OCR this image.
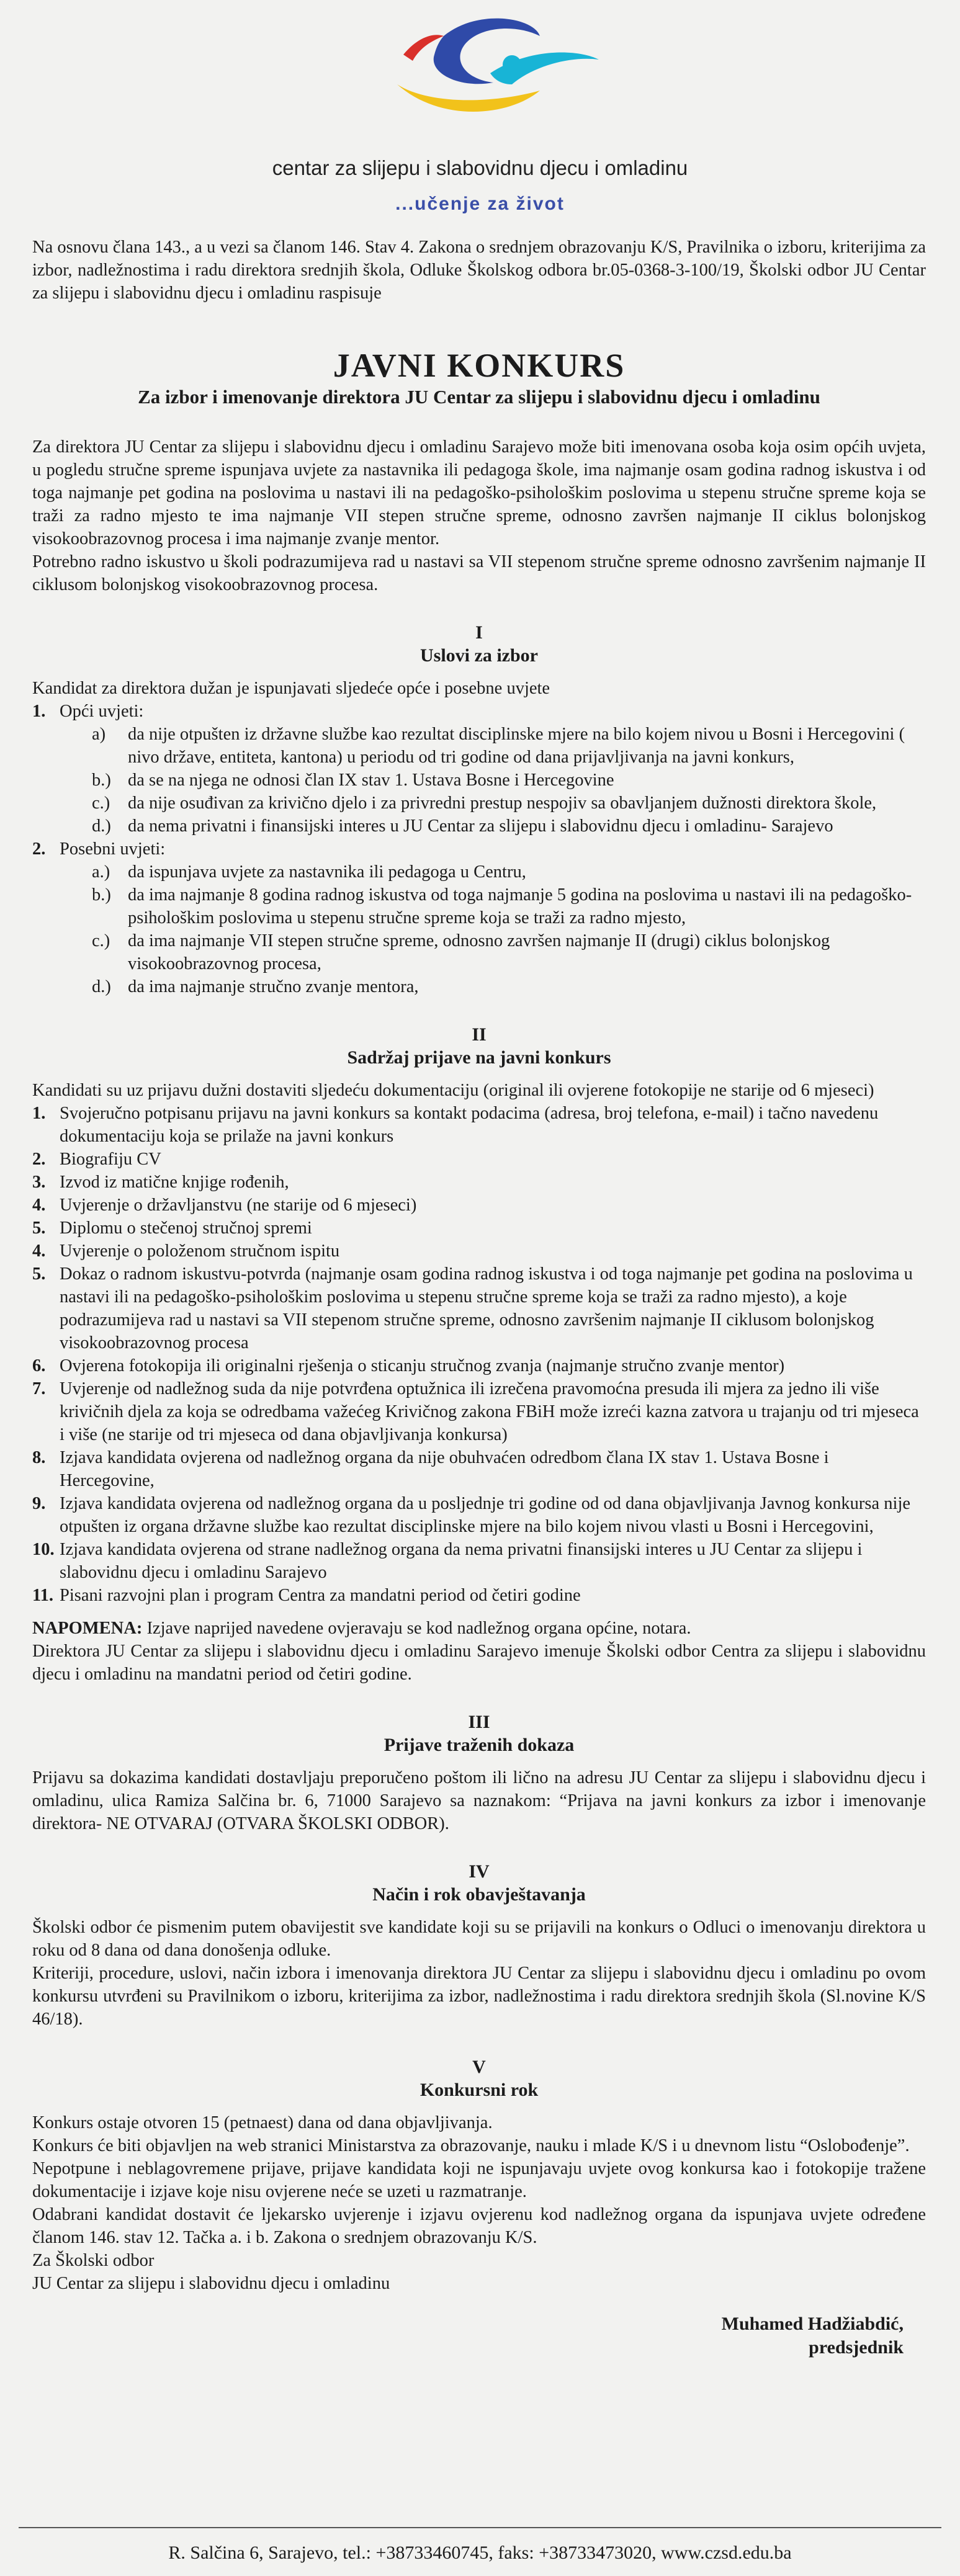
centar za slijepu i slabovidnu djecu i omladinu
...učenje za život

Na osnovu člana 143., a u vezi sa članom 146. Stav 4. Zakona o srednjem obrazovanju K/S, Pravilnika o izboru, kriterijima za izbor, nadležnostima i radu direktora srednjih škola, Odluke Školskog odbora br.05-0368-3-100/19, Školski odbor JU Centar za slijepu i slabovidnu djecu i omladinu raspisuje

JAVNI KONKURS
Za izbor i imenovanje direktora JU Centar za slijepu i slabovidnu djecu i omladinu

Za direktora JU Centar za slijepu i slabovidnu djecu i omladinu Sarajevo može biti imenovana osoba koja osim općih uvjeta, u pogledu stručne spreme ispunjava uvjete za nastavnika ili pedagoga škole, ima najmanje osam godina radnog iskustva i od toga najmanje pet godina na poslovima u nastavi ili na pedagoško-psihološkim poslovima u stepenu stručne spreme koja se traži za radno mjesto te ima najmanje VII stepen stručne spreme, odnosno završen najmanje II ciklus bolonjskog visokoobrazovnog procesa i ima najmanje zvanje mentor.

Potrebno radno iskustvo u školi podrazumijeva rad u nastavi sa VII stepenom stručne spreme odnosno završenim najmanje II ciklusom bolonjskog visokoobrazovnog procesa.

I
Uslovi za izbor

Kandidat za direktora dužan je ispunjavati sljedeće opće i posebne uvjete

1. Opći uvjeti:
a) da nije otpušten iz državne službe kao rezultat disciplinske mjere na bilo kojem nivou u Bosni i Hercegovini ( nivo države, entiteta, kantona) u periodu od tri godine od dana prijavljivanja na javni konkurs,
b.) da se na njega ne odnosi član IX stav 1. Ustava Bosne i Hercegovine
c.) da nije osuđivan za krivično djelo i za privredni prestup nespojiv sa obavljanjem dužnosti direktora škole,
d.) da nema privatni i finansijski interes u JU Centar za slijepu i slabovidnu djecu i omladinu- Sarajevo
2. Posebni uvjeti:
a.) da ispunjava uvjete za nastavnika ili pedagoga u Centru,
b.) da ima najmanje 8 godina radnog iskustva od toga najmanje 5 godina na poslovima u nastavi ili na pedagoško-psihološkim poslovima u stepenu stručne spreme koja se traži za radno mjesto,
c.) da ima najmanje VII stepen stručne spreme, odnosno završen najmanje II (drugi) ciklus bolonjskog visokoobrazovnog procesa,
d.) da ima najmanje stručno zvanje mentora,
II
Sadržaj prijave na javni konkurs

Kandidati su uz prijavu dužni dostaviti sljedeću dokumentaciju (original ili ovjerene fotokopije ne starije od 6 mjeseci)

1. Svojeručno potpisanu prijavu na javni konkurs sa kontakt podacima (adresa, broj telefona, e-mail) i tačno navedenu dokumentaciju koja se prilaže na javni konkurs
2. Biografiju CV
3. Izvod iz matične knjige rođenih,
4. Uvjerenje o državljanstvu (ne starije od 6 mjeseci)
5. Diplomu o stečenoj stručnoj spremi
4. Uvjerenje o položenom stručnom ispitu
5. Dokaz o radnom iskustvu-potvrda (najmanje osam godina radnog iskustva i od toga najmanje pet godina na poslovima u nastavi ili na pedagoško-psihološkim poslovima u stepenu stručne spreme koja se traži za radno mjesto), a koje podrazumijeva rad u nastavi sa VII stepenom stručne spreme, odnosno završenim najmanje II ciklusom bolonjskog visokoobrazovnog procesa
6. Ovjerena fotokopija ili originalni rješenja o sticanju stručnog zvanja (najmanje stručno zvanje mentor)
7. Uvjerenje od nadležnog suda da nije potvrđena optužnica ili izrečena pravomoćna presuda ili mjera za jedno ili više krivičnih djela za koja se odredbama važećeg Krivičnog zakona FBiH može izreći kazna zatvora u trajanju od tri mjeseca i više (ne starije od tri mjeseca od dana objavljivanja konkursa)
8. Izjava kandidata ovjerena od nadležnog organa da nije obuhvaćen odredbom člana IX stav 1. Ustava Bosne i Hercegovine,
9. Izjava kandidata ovjerena od nadležnog organa da u posljednje tri godine od od dana objavljivanja Javnog konkursa nije otpušten iz organa državne službe kao rezultat disciplinske mjere na bilo kojem nivou vlasti u Bosni i Hercegovini,
10. Izjava kandidata ovjerena od strane nadležnog organa da nema privatni finansijski interes u JU Centar za slijepu i slabovidnu djecu i omladinu Sarajevo
11. Pisani razvojni plan i program Centra za mandatni period od četiri godine

NAPOMENA: Izjave naprijed navedene ovjeravaju se kod nadležnog organa općine, notara.

Direktora JU Centar za slijepu i slabovidnu djecu i omladinu Sarajevo imenuje Školski odbor Centra za slijepu i slabovidnu djecu i omladinu na mandatni period od četiri godine.

III
Prijave traženih dokaza

Prijavu sa dokazima kandidati dostavljaju preporučeno poštom ili lično na adresu JU Centar za slijepu i slabovidnu djecu i omladinu, ulica Ramiza Salčina br. 6, 71000 Sarajevo sa naznakom: “Prijava na javni konkurs za izbor i imenovanje direktora- NE OTVARAJ (OTVARA ŠKOLSKI ODBOR).

IV
Način i rok obavještavanja

Školski odbor će pismenim putem obavijestit sve kandidate koji su se prijavili na konkurs o Odluci o imenovanju direktora u roku od 8 dana od dana donošenja odluke.

Kriteriji, procedure, uslovi, način izbora i imenovanja direktora JU Centar za slijepu i slabovidnu djecu i omladinu po ovom konkursu utvrđeni su Pravilnikom o izboru, kriterijima za izbor, nadležnostima i radu direktora srednjih škola (Sl.novine K/S 46/18).

V
Konkursni rok

Konkurs ostaje otvoren 15 (petnaest) dana od dana objavljivanja.

Konkurs će biti objavljen na web stranici Ministarstva za obrazovanje, nauku i mlade K/S i u dnevnom listu “Oslobođenje”.

Nepotpune i neblagovremene prijave, prijave kandidata koji ne ispunjavaju uvjete ovog konkursa kao i fotokopije tražene dokumentacije i izjave koje nisu ovjerene neće se uzeti u razmatranje.

Odabrani kandidat dostavit će ljekarsko uvjerenje i izjavu ovjerenu kod nadležnog organa da ispunjava uvjete određene članom 146. stav 12. Tačka a. i b. Zakona o srednjem obrazovanju K/S.

Za Školski odbor

JU Centar za slijepu i slabovidnu djecu i omladinu

Muhamed Hadžiabdić,
predsjednik
R. Salčina 6, Sarajevo, tel.: +38733460745, faks: +38733473020, www.czsd.edu.ba
